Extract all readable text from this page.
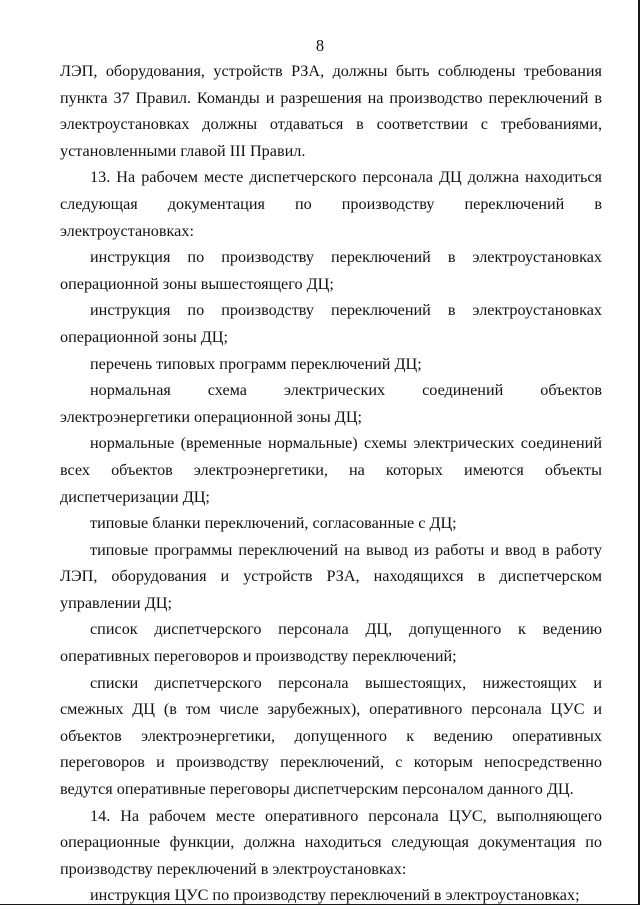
8

ЛЭП, оборудования, устройств РЗА, должны быть соблюдены требования пункта 37 Правил. Команды и разрешения на производство переключений в электроустановках должны отдаваться в соответствии с требованиями, установленными главой III Правил.

13. На рабочем месте диспетчерского персонала ДЦ должна находиться следующая документация по производству переключений в электроустановках:

инструкция по производству переключений в электроустановках операционной зоны вышестоящего ДЦ;

инструкция по производству переключений в электроустановках операционной зоны ДЦ;

перечень типовых программ переключений ДЦ;

нормальная схема электрических соединений объектов электроэнергетики операционной зоны ДЦ;

нормальные (временные нормальные) схемы электрических соединений всех объектов электроэнергетики, на которых имеются объекты диспетчеризации ДЦ;

типовые бланки переключений, согласованные с ДЦ;

типовые программы переключений на вывод из работы и ввод в работу ЛЭП, оборудования и устройств РЗА, находящихся в диспетчерском управлении ДЦ;

список диспетчерского персонала ДЦ, допущенного к ведению оперативных переговоров и производству переключений;

списки диспетчерского персонала вышестоящих, нижестоящих и смежных ДЦ (в том числе зарубежных), оперативного персонала ЦУС и объектов электроэнергетики, допущенного к ведению оперативных переговоров и производству переключений, с которым непосредственно ведутся оперативные переговоры диспетчерским персоналом данного ДЦ.

14. На рабочем месте оперативного персонала ЦУС, выполняющего операционные функции, должна находиться следующая документация по производству переключений в электроустановках:

инструкция ЦУС по производству переключений в электроустановках;
